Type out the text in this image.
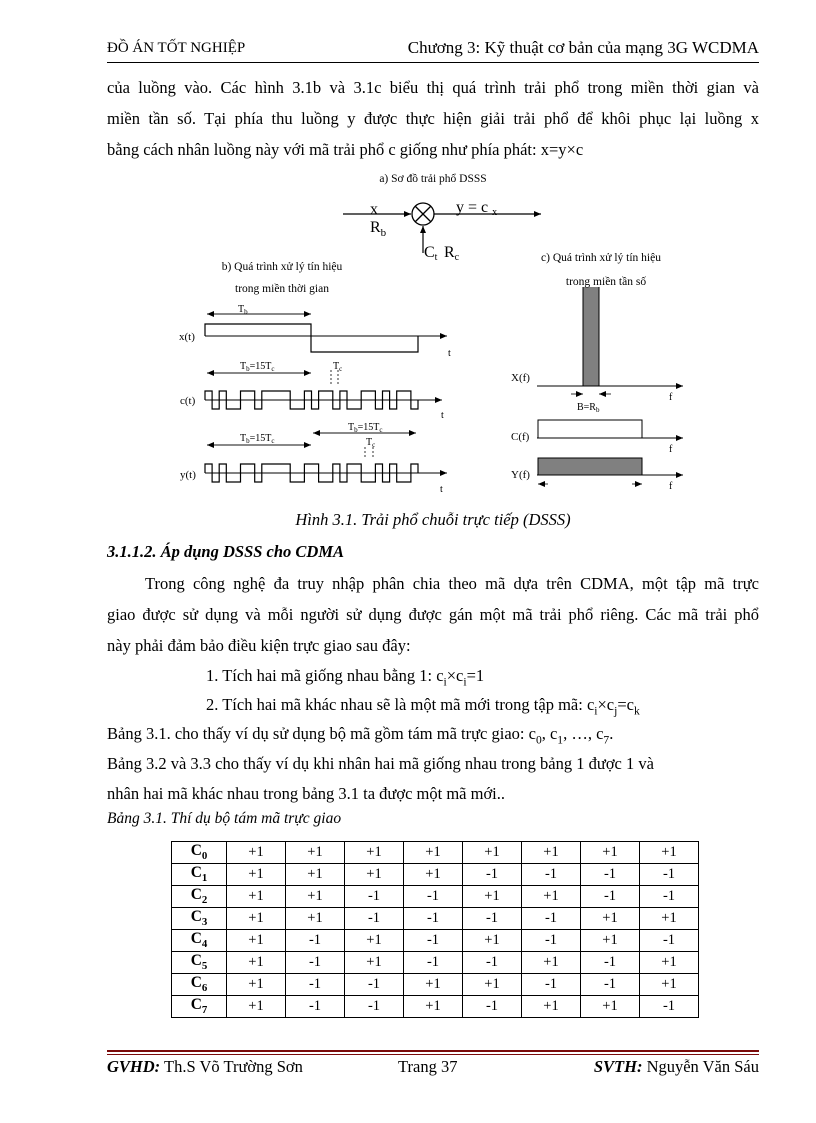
ĐỒ ÁN TỐT NGHIỆP	Chương 3: Kỹ thuật cơ bản của mạng 3G WCDMA
của luồng vào. Các hình 3.1b và 3.1c biểu thị quá trình trải phổ trong miền thời gian và
miền tần số. Tại phía thu luồng y được thực hiện giải trải phổ để khôi phục lại luồng x
bằng cách nhân luồng này với mã trải phổ c giống như phía phát: x=y×c
a) Sơ đồ trải phổ DSSS
x
$R_b$
y = c x
Ct Rc
b) Quá trình xử lý tín hiệu
trong miền thời gian
c) Quá trình xử lý tín hiệu
$T_b$
x(t)
t
$T_b=15T_c$	$T_c$
c(t)
t
$T_b=15T_c$
$T_b=15T_c$	$T_c$
y(t)
t
trong miền tần số
X(f)
f
$B=R_b$
C(f)
f
Y(f)
f
Hình 3.1. Trải phổ chuỗi trực tiếp (DSSS)
3.1.1.2. Áp dụng DSSS cho CDMA
Trong công nghệ đa truy nhập phân chia theo mã dựa trên CDMA, một tập mã trực
giao được sử dụng và mỗi người sử dụng được gán một mã trải phổ riêng. Các mã trải phổ
này phải đảm bảo điều kiện trực giao sau đây:
1. Tích hai mã giống nhau bằng 1: $c_i\times c_i=1$
2. Tích hai mã khác nhau sẽ là một mã mới trong tập mã: $c_i\times c_j=c_k$
Bảng 3.1. cho thấy ví dụ sử dụng bộ mã gồm tám mã trực giao: $c_0$, $c_1$, …, $c_7$.
Bảng 3.2 và 3.3 cho thấy ví dụ khi nhân hai mã giống nhau trong bảng 1 được 1 và
nhân hai mã khác nhau trong bảng 3.1 ta được một mã mới..
Bảng 3.1. Thí dụ bộ tám mã trực giao
$C_0$	+1	+1	+1	+1	+1	+1	+1	+1
$C_1$	+1	+1	+1	+1	-1	-1	-1	-1
$C_2$	+1	+1	-1	-1	+1	+1	-1	-1
$C_3$	+1	+1	-1	-1	-1	-1	+1	+1
$C_4$	+1	-1	+1	-1	+1	-1	+1	-1
$C_5$	+1	-1	+1	-1	-1	+1	-1	+1
$C_6$	+1	-1	-1	+1	+1	-1	-1	+1
$C_7$	+1	-1	-1	+1	-1	+1	+1	-1
GVHD: Th.S Võ Trường Sơn	Trang 37	SVTH: Nguyễn Văn Sáu
